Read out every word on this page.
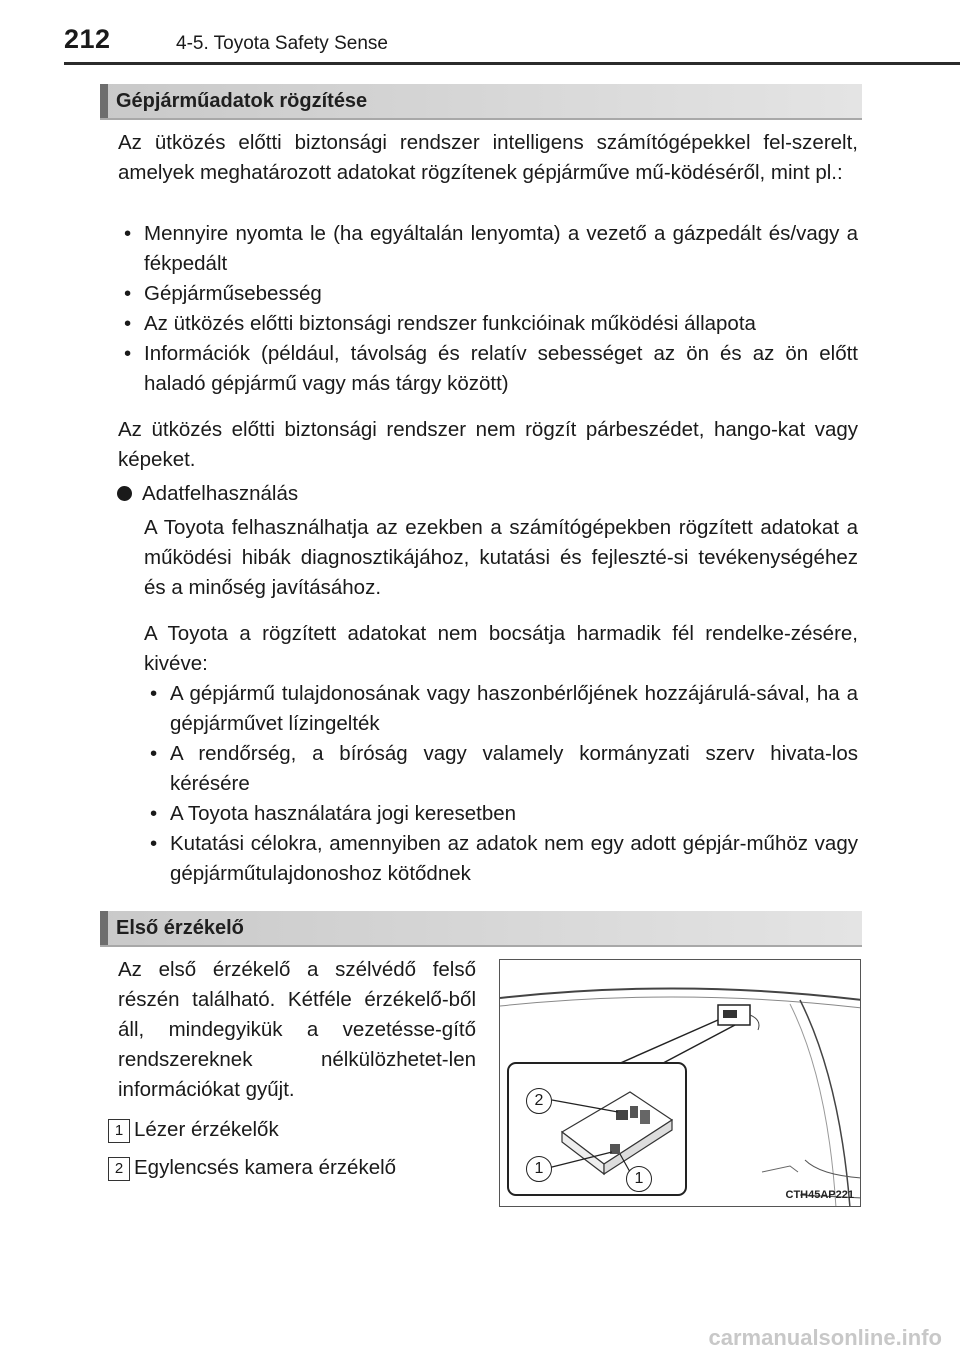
212	4-5. Toyota Safety Sense
Gépjárműadatok rögzítése

Az ütközés előtti biztonsági rendszer intelligens számítógépekkel fel-szerelt, amelyek meghatározott adatokat rögzítenek gépjárműve mű-ködéséről, mint pl.:

• Mennyire nyomta le (ha egyáltalán lenyomta) a vezető a gázpedált és/vagy a fékpedált
• Gépjárműsebesség
• Az ütközés előtti biztonsági rendszer funkcióinak működési állapota
• Információk (például, távolság és relatív sebességet az ön és az ön előtt haladó gépjármű vagy más tárgy között)

Az ütközés előtti biztonsági rendszer nem rögzít párbeszédet, hango-kat vagy képeket.

Adatfelhasználás

A Toyota felhasználhatja az ezekben a számítógépekben rögzített adatokat a működési hibák diagnosztikájához, kutatási és fejleszté-si tevékenységéhez és a minőség javításához.

A Toyota a rögzített adatokat nem bocsátja harmadik fél rendelke-zésére, kivéve:

• A gépjármű tulajdonosának vagy haszonbérlőjének hozzájárulá-sával, ha a gépjárművet lízingelték
• A rendőrség, a bíróság vagy valamely kormányzati szerv hivata-los kérésére
• A Toyota használatára jogi keresetben
• Kutatási célokra, amennyiben az adatok nem egy adott gépjár-műhöz vagy gépjárműtulajdonoshoz kötődnek
Első érzékelő

Az első érzékelő a szélvédő felső részén található. Kétféle érzékelő-ből áll, mindegyikük a vezetésse-gítő rendszereknek nélkülözhetet-len információkat gyűjt.

1 Lézer érzékelők
2 Egylencsés kamera érzékelő
2
1
1
CTH45AP221
carmanualsonline.info
